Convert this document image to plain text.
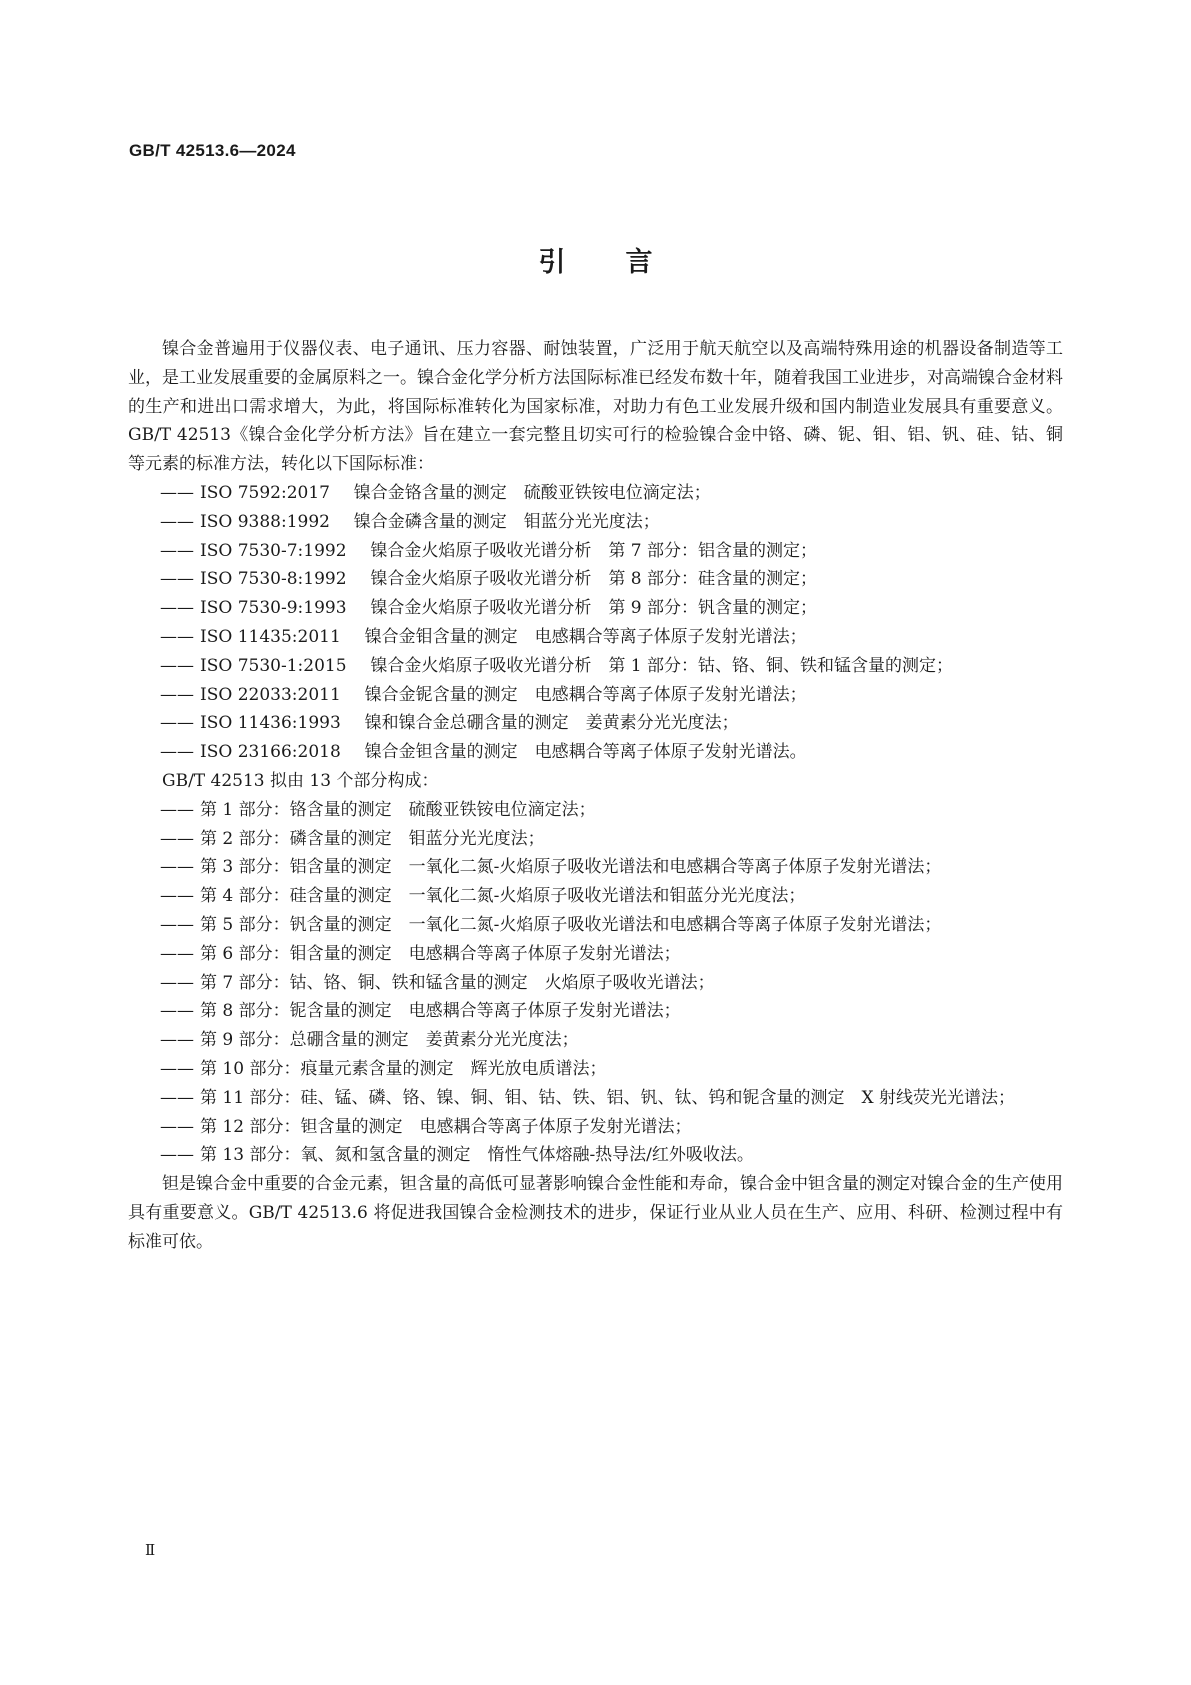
GB/T 42513.6—2024
引言

镍合金普遍用于仪器仪表、电子通讯、压力容器、耐蚀装置，广泛用于航天航空以及高端特殊用途的机器设备制造等工业，是工业发展重要的金属原料之一。镍合金化学分析方法国际标准已经发布数十年，随着我国工业进步，对高端镍合金材料的生产和进出口需求增大，为此，将国际标准转化为国家标准，对助力有色工业发展升级和国内制造业发展具有重要意义。GB/T 42513《镍合金化学分析方法》旨在建立一套完整且切实可行的检验镍合金中铬、磷、铌、钼、铝、钒、硅、钴、铜等元素的标准方法，转化以下国际标准：

—— ISO 7592:2017 镍合金铬含量的测定　硫酸亚铁铵电位滴定法；
—— ISO 9388:1992 镍合金磷含量的测定　钼蓝分光光度法；
—— ISO 7530-7:1992 镍合金火焰原子吸收光谱分析　第 7 部分：铝含量的测定；
—— ISO 7530-8:1992 镍合金火焰原子吸收光谱分析　第 8 部分：硅含量的测定；
—— ISO 7530-9:1993 镍合金火焰原子吸收光谱分析　第 9 部分：钒含量的测定；
—— ISO 11435:2011 镍合金钼含量的测定　电感耦合等离子体原子发射光谱法；
—— ISO 7530-1:2015 镍合金火焰原子吸收光谱分析　第 1 部分：钴、铬、铜、铁和锰含量的测定；
—— ISO 22033:2011 镍合金铌含量的测定　电感耦合等离子体原子发射光谱法；
—— ISO 11436:1993 镍和镍合金总硼含量的测定　姜黄素分光光度法；
—— ISO 23166:2018 镍合金钽含量的测定　电感耦合等离子体原子发射光谱法。

GB/T 42513 拟由 13 个部分构成：

—— 第 1 部分：铬含量的测定　硫酸亚铁铵电位滴定法；
—— 第 2 部分：磷含量的测定　钼蓝分光光度法；
—— 第 3 部分：铝含量的测定　一氧化二氮-火焰原子吸收光谱法和电感耦合等离子体原子发射光谱法；
—— 第 4 部分：硅含量的测定　一氧化二氮-火焰原子吸收光谱法和钼蓝分光光度法；
—— 第 5 部分：钒含量的测定　一氧化二氮-火焰原子吸收光谱法和电感耦合等离子体原子发射光谱法；
—— 第 6 部分：钼含量的测定　电感耦合等离子体原子发射光谱法；
—— 第 7 部分：钴、铬、铜、铁和锰含量的测定　火焰原子吸收光谱法；
—— 第 8 部分：铌含量的测定　电感耦合等离子体原子发射光谱法；
—— 第 9 部分：总硼含量的测定　姜黄素分光光度法；
—— 第 10 部分：痕量元素含量的测定　辉光放电质谱法；
—— 第 11 部分：硅、锰、磷、铬、镍、铜、钼、钴、铁、铝、钒、钛、钨和铌含量的测定　X 射线荧光光谱法；
—— 第 12 部分：钽含量的测定　电感耦合等离子体原子发射光谱法；
—— 第 13 部分：氧、氮和氢含量的测定　惰性气体熔融-热导法/红外吸收法。

钽是镍合金中重要的合金元素，钽含量的高低可显著影响镍合金性能和寿命，镍合金中钽含量的测定对镍合金的生产使用具有重要意义。GB/T 42513.6 将促进我国镍合金检测技术的进步，保证行业从业人员在生产、应用、科研、检测过程中有标准可依。

Ⅱ
